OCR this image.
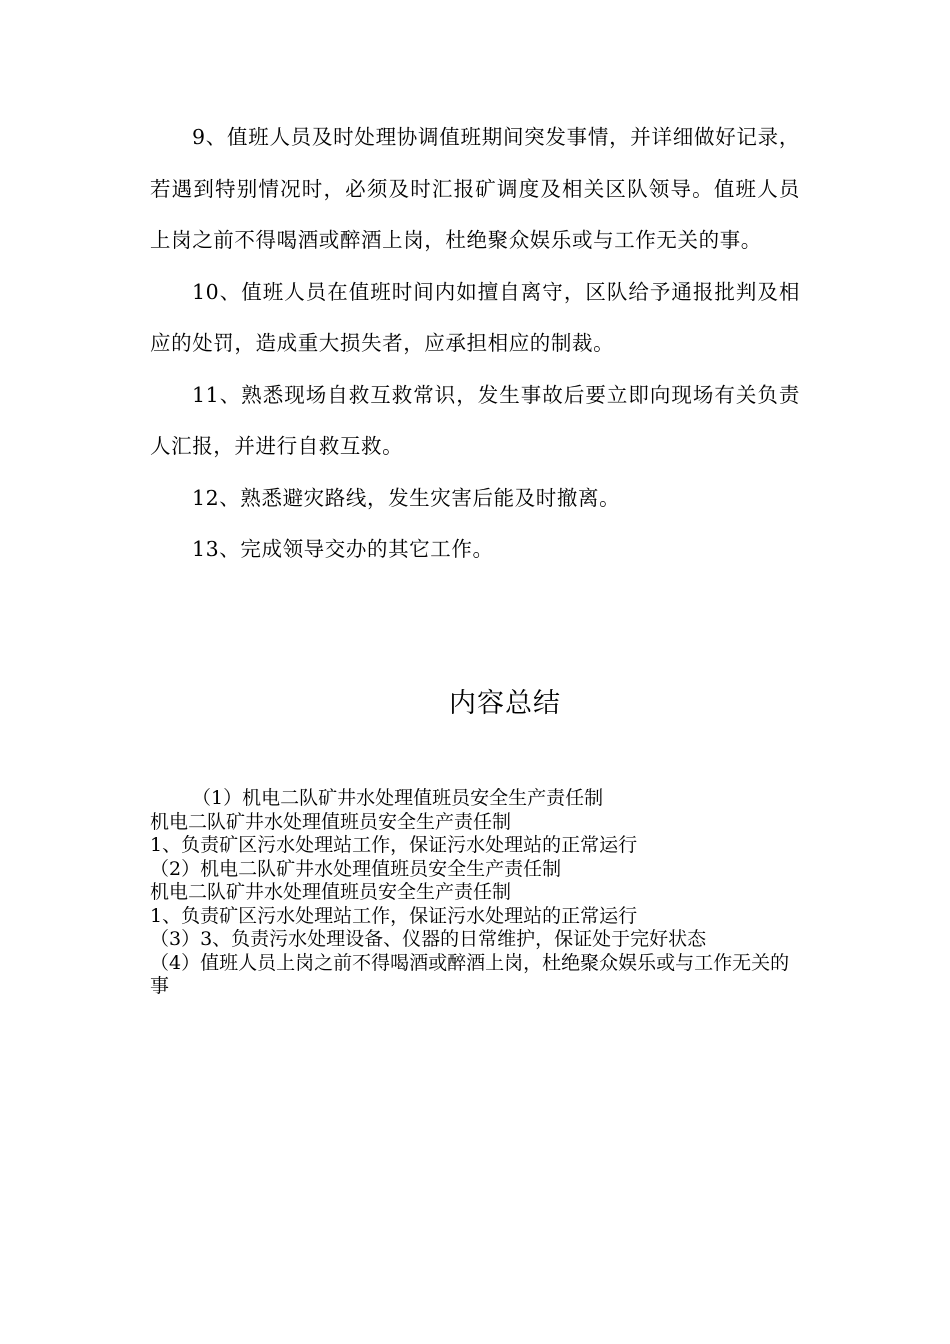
9、值班人员及时处理协调值班期间突发事情，并详细做好记录，若遇到特别情况时，必须及时汇报矿调度及相关区队领导。值班人员上岗之前不得喝酒或醉酒上岗，杜绝聚众娱乐或与工作无关的事。

10、值班人员在值班时间内如擅自离守，区队给予通报批判及相应的处罚，造成重大损失者，应承担相应的制裁。

11、熟悉现场自救互救常识，发生事故后要立即向现场有关负责人汇报，并进行自救互救。

12、熟悉避灾路线，发生灾害后能及时撤离。

13、完成领导交办的其它工作。

内容总结

（1）机电二队矿井水处理值班员安全生产责任制

机电二队矿井水处理值班员安全生产责任制

1、负责矿区污水处理站工作，保证污水处理站的正常运行

（2）机电二队矿井水处理值班员安全生产责任制

机电二队矿井水处理值班员安全生产责任制

1、负责矿区污水处理站工作，保证污水处理站的正常运行

（3）3、负责污水处理设备、仪器的日常维护，保证处于完好状态

（4）值班人员上岗之前不得喝酒或醉酒上岗，杜绝聚众娱乐或与工作无关的事
